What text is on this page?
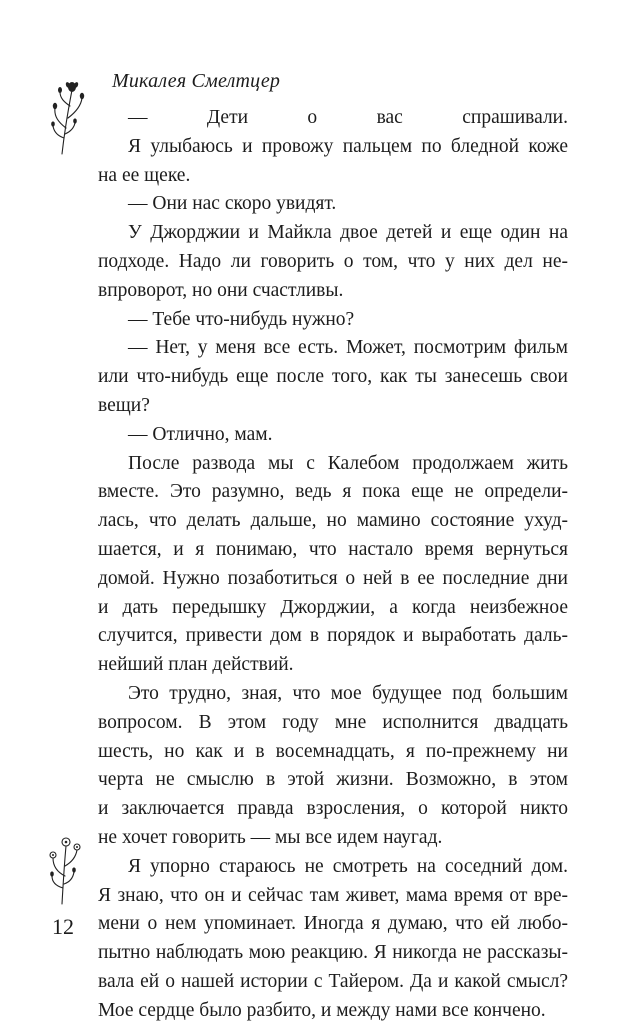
Микалея Смелтцер
— Дети о вас спрашивали.
Я улыбаюсь и провожу пальцем по бледной коже
на ее щеке.
— Они нас скоро увидят.
У Джорджии и Майкла двое детей и еще один на
подходе. Надо ли говорить о том, что у них дел не-
впроворот, но они счастливы.
— Тебе что-нибудь нужно?
— Нет, у меня все есть. Может, посмотрим фильм
или что-нибудь еще после того, как ты занесешь свои
вещи?
— Отлично, мам.
После развода мы с Калебом продолжаем жить
вместе. Это разумно, ведь я пока еще не определи-
лась, что делать дальше, но мамино состояние ухуд-
шается, и я понимаю, что настало время вернуться
домой. Нужно позаботиться о ней в ее последние дни
и дать передышку Джорджии, а когда неизбежное
случится, привести дом в порядок и выработать даль-
нейший план действий.
Это трудно, зная, что мое будущее под большим
вопросом. В этом году мне исполнится двадцать
шесть, но как и в восемнадцать, я по-прежнему ни
черта не смыслю в этой жизни. Возможно, в этом
и заключается правда взросления, о которой никто
не хочет говорить — мы все идем наугад.
Я упорно стараюсь не смотреть на соседний дом.
Я знаю, что он и сейчас там живет, мама время от вре-
мени о нем упоминает. Иногда я думаю, что ей любо-
пытно наблюдать мою реакцию. Я никогда не рассказы-
вала ей о нашей истории с Тайером. Да и какой смысл?
Мое сердце было разбито, и между нами все кончено.
12
